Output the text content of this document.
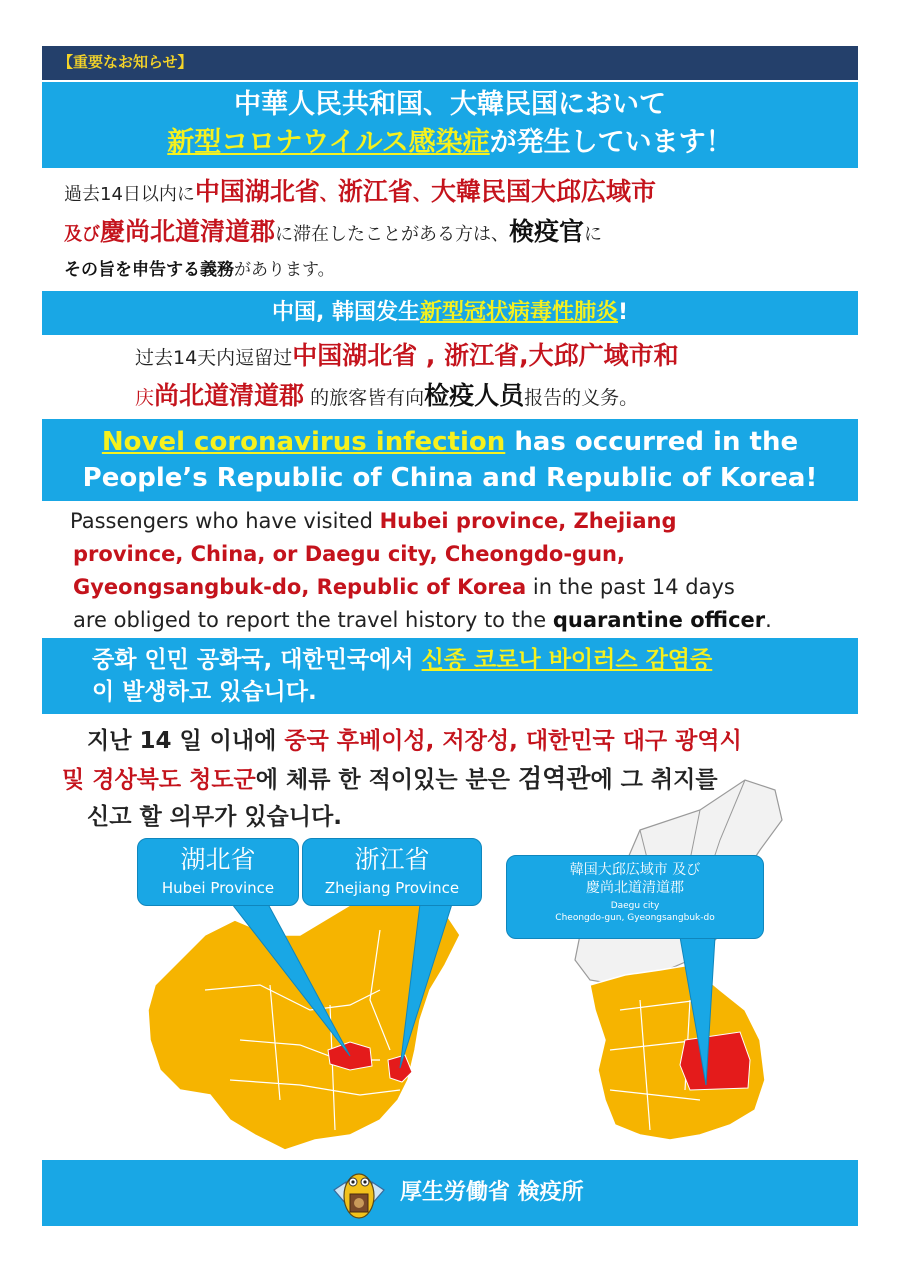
【重要なお知らせ】
中華人民共和国、大韓民国において
新型コロナウイルス感染症が発生しています！
過去14日以内に中国湖北省、浙江省、大韓民国大邱広域市
及び慶尚北道清道郡に滞在したことがある方は、検疫官に
その旨を申告する義務があります。
中国, 韩国发生新型冠状病毒性肺炎!
过去14天内逗留过中国湖北省 , 浙江省,大邱广域市和
庆尚北道清道郡 的旅客皆有向检疫人员报告的义务。
Novel coronavirus infection has occurred in the
People’s Republic of China and Republic of Korea!
Passengers who have visited Hubei province, Zhejiang
province, China, or Daegu city, Cheongdo-gun,
Gyeongsangbuk-do, Republic of Korea in the past 14 days
are obliged to report the travel history to the quarantine officer.
중화 인민 공화국, 대한민국에서 신종 코로나 바이러스 감염증
이 발생하고 있습니다.
지난 14 일 이내에 중국 후베이성, 저장성, 대한민국 대구 광역시
및 경상북도 청도군에 체류 한 적이있는 분은 검역관에 그 취지를
신고 할 의무가 있습니다.
湖北省
Hubei Province
浙江省
Zhejiang Province
韓国大邱広域市 及び
慶尚北道清道郡
Daegu city
Cheongdo-gun, Gyeongsangbuk-do
厚生労働省 検疫所
